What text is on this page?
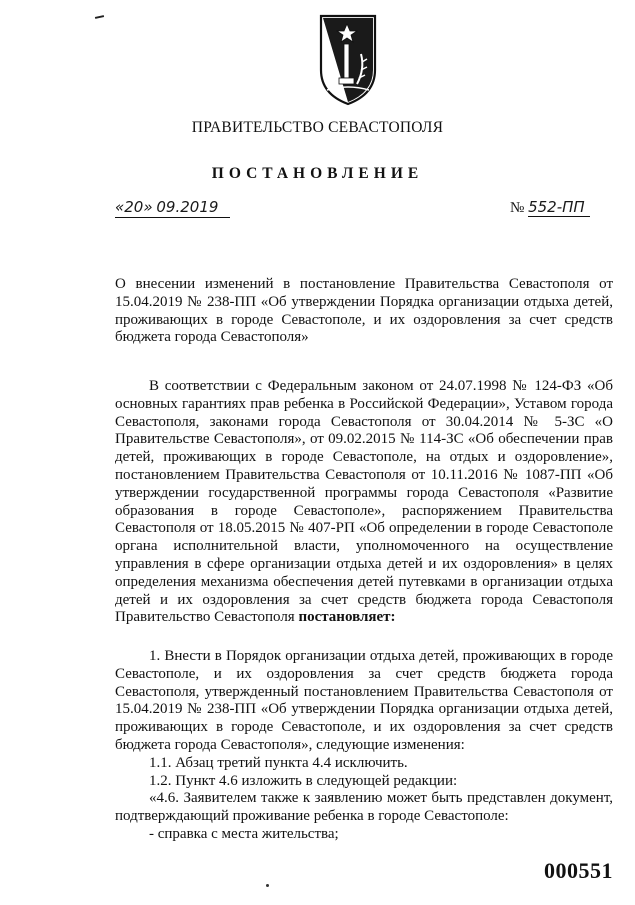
ПРАВИТЕЛЬСТВО СЕВАСТОПОЛЯ
ПОСТАНОВЛЕНИЕ
«20» 09.2019	№ 552-ПП
О внесении изменений в постановление Правительства Севастополя от 15.04.2019 № 238-ПП «Об утверждении Порядка организации отдыха детей, проживающих в городе Севастополе, и их оздоровления за счет средств бюджета города Севастополя»
В соответствии с Федеральным законом от 24.07.1998 № 124-ФЗ «Об основных гарантиях прав ребенка в Российской Федерации», Уставом города Севастополя, законами города Севастополя от 30.04.2014 № 5-ЗС «О Правительстве Севастополя», от 09.02.2015 № 114-ЗС «Об обеспечении прав детей, проживающих в городе Севастополе, на отдых и оздоровление», постановлением Правительства Севастополя от 10.11.2016 № 1087-ПП «Об утверждении государственной программы города Севастополя «Развитие образования в городе Севастополе», распоряжением Правительства Севастополя от 18.05.2015 № 407-РП «Об определении в городе Севастополе органа исполнительной власти, уполномоченного на осуществление управления в сфере организации отдыха детей и их оздоровления» в целях определения механизма обеспечения детей путевками в организации отдыха детей и их оздоровления за счет средств бюджета города Севастополя Правительство Севастополя постановляет:
1. Внести в Порядок организации отдыха детей, проживающих в городе Севастополе, и их оздоровления за счет средств бюджета города Севастополя, утвержденный постановлением Правительства Севастополя от 15.04.2019 № 238-ПП «Об утверждении Порядка организации отдыха детей, проживающих в городе Севастополе, и их оздоровления за счет средств бюджета города Севастополя», следующие изменения:
1.1. Абзац третий пункта 4.4 исключить.
1.2. Пункт 4.6 изложить в следующей редакции:
«4.6. Заявителем также к заявлению может быть представлен документ, подтверждающий проживание ребенка в городе Севастополе:
- справка с места жительства;
000551
